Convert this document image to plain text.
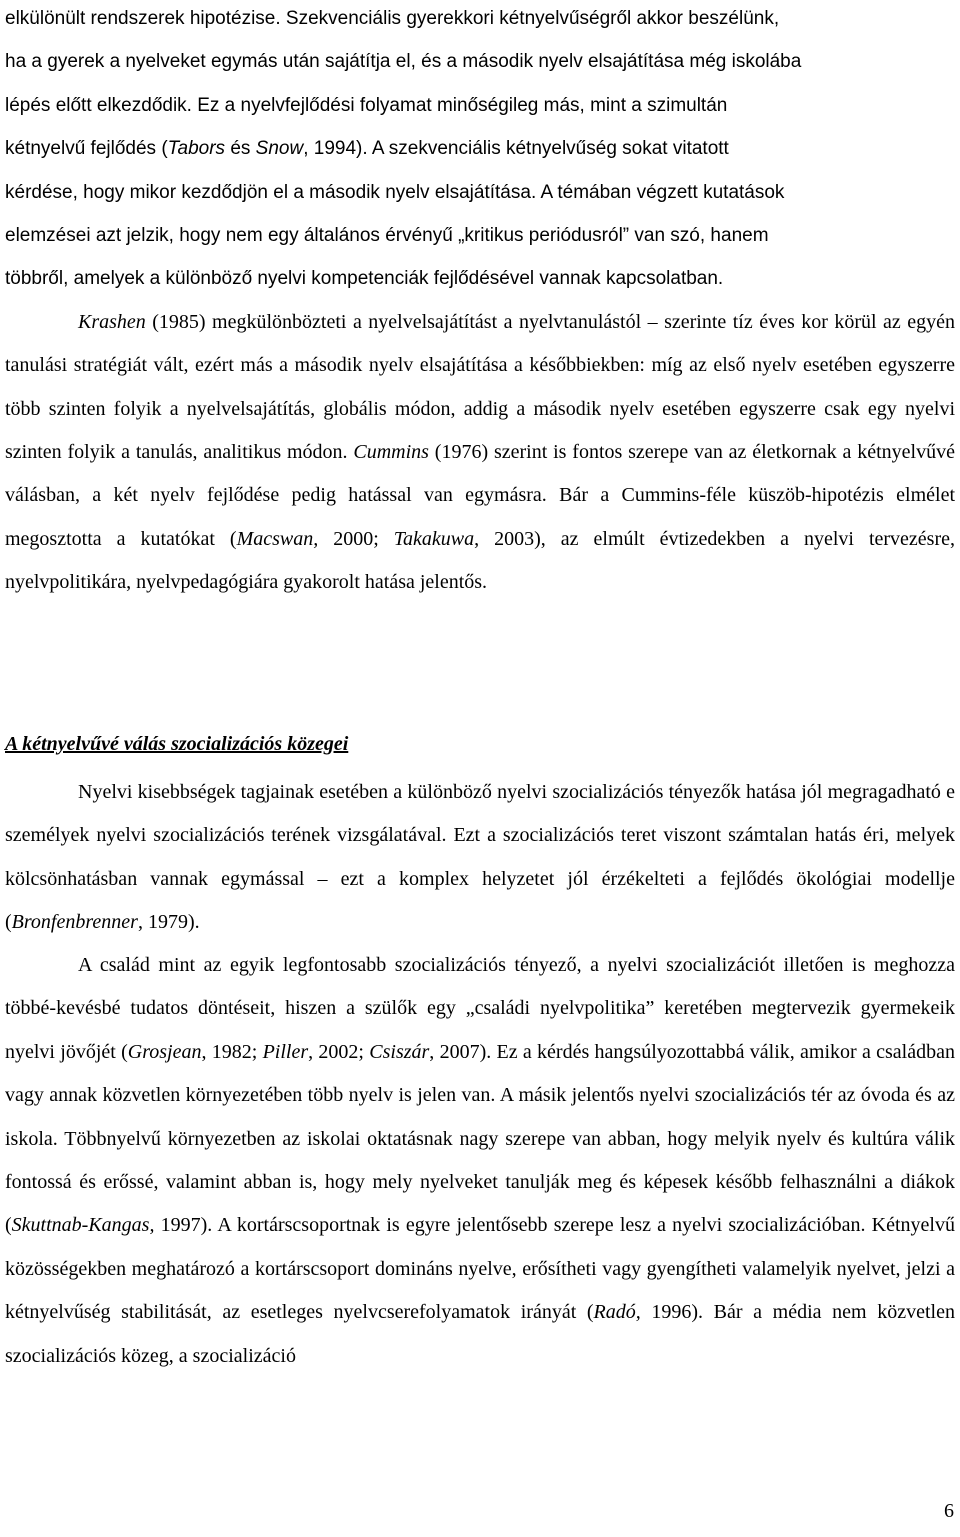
elkülönült rendszerek hipotézise. Szekvenciális gyerekkori kétnyelvűségről akkor beszélünk,
ha a gyerek a nyelveket egymás után sajátítja el, és a második nyelv elsajátítása még iskolába
lépés előtt elkezdődik. Ez a nyelvfejlődési folyamat minőségileg más, mint a szimultán
kétnyelvű fejlődés (Tabors és Snow, 1994). A szekvenciális kétnyelvűség sokat vitatott
kérdése, hogy mikor kezdődjön el a második nyelv elsajátítása. A témában végzett kutatások
elemzései azt jelzik, hogy nem egy általános érvényű „kritikus periódusról” van szó, hanem
többről, amelyek a különböző nyelvi kompetenciák fejlődésével vannak kapcsolatban.

Krashen (1985) megkülönbözteti a nyelvelsajátítást a nyelvtanulástól – szerinte tíz éves kor körül az egyén tanulási stratégiát vált, ezért más a második nyelv elsajátítása a későbbiekben: míg az első nyelv esetében egyszerre több szinten folyik a nyelvelsajátítás, globális módon, addig a második nyelv esetében egyszerre csak egy nyelvi szinten folyik a tanulás, analitikus módon. Cummins (1976) szerint is fontos szerepe van az életkornak a kétnyelvűvé válásban, a két nyelv fejlődése pedig hatással van egymásra. Bár a Cummins-féle küszöb-hipotézis elmélet megosztotta a kutatókat (Macswan, 2000; Takakuwa, 2003), az elmúlt évtizedekben a nyelvi tervezésre, nyelvpolitikára, nyelvpedagógiára gyakorolt hatása jelentős.

A kétnyelvűvé válás szocializációs közegei

Nyelvi kisebbségek tagjainak esetében a különböző nyelvi szocializációs tényezők hatása jól megragadható e személyek nyelvi szocializációs terének vizsgálatával. Ezt a szocializációs teret viszont számtalan hatás éri, melyek kölcsönhatásban vannak egymással – ezt a komplex helyzetet jól érzékelteti a fejlődés ökológiai modellje (Bronfenbrenner, 1979).

A család mint az egyik legfontosabb szocializációs tényező, a nyelvi szocializációt illetően is meghozza többé-kevésbé tudatos döntéseit, hiszen a szülők egy „családi nyelvpolitika” keretében megtervezik gyermekeik nyelvi jövőjét (Grosjean, 1982; Piller, 2002; Csiszár, 2007). Ez a kérdés hangsúlyozottabbá válik, amikor a családban vagy annak közvetlen környezetében több nyelv is jelen van. A másik jelentős nyelvi szocializációs tér az óvoda és az iskola. Többnyelvű környezetben az iskolai oktatásnak nagy szerepe van abban, hogy melyik nyelv és kultúra válik fontossá és erőssé, valamint abban is, hogy mely nyelveket tanulják meg és képesek később felhasználni a diákok (Skuttnab-Kangas, 1997). A kortárscsoportnak is egyre jelentősebb szerepe lesz a nyelvi szocializációban. Kétnyelvű közösségekben meghatározó a kortárscsoport domináns nyelve, erősítheti vagy gyengítheti valamelyik nyelvet, jelzi a kétnyelvűség stabilitását, az esetleges nyelvcserefolyamatok irányát (Radó, 1996). Bár a média nem közvetlen szocializációs közeg, a szocializáció

6
